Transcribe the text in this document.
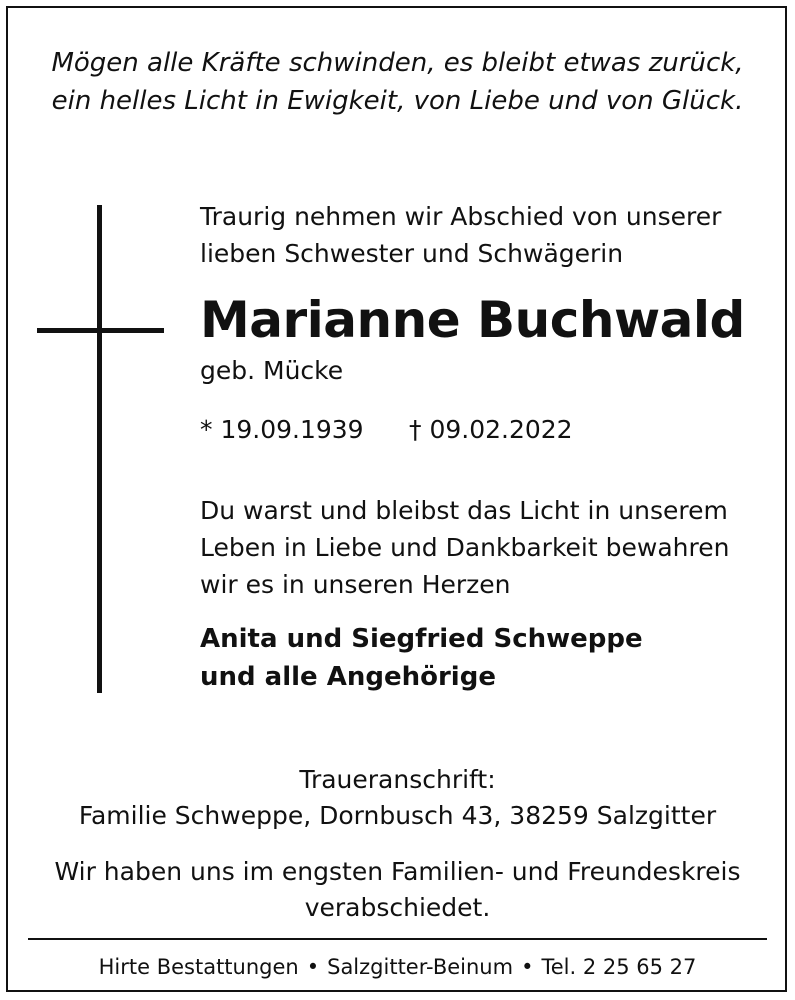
Mögen alle Kräfte schwinden, es bleibt etwas zurück,
ein helles Licht in Ewigkeit, von Liebe und von Glück.
Traurig nehmen wir Abschied von unserer
lieben Schwester und Schwägerin
Marianne Buchwald
geb. Mücke
* 19.09.1939 † 09.02.2022
Du warst und bleibst das Licht in unserem
Leben in Liebe und Dankbarkeit bewahren
wir es in unseren Herzen
Anita und Siegfried Schweppe
und alle Angehörige
Traueranschrift:
Familie Schweppe, Dornbusch 43, 38259 Salzgitter
Wir haben uns im engsten Familien- und Freundeskreis
verabschiedet.
Hirte Bestattungen • Salzgitter-Beinum • Tel. 2 25 65 27
